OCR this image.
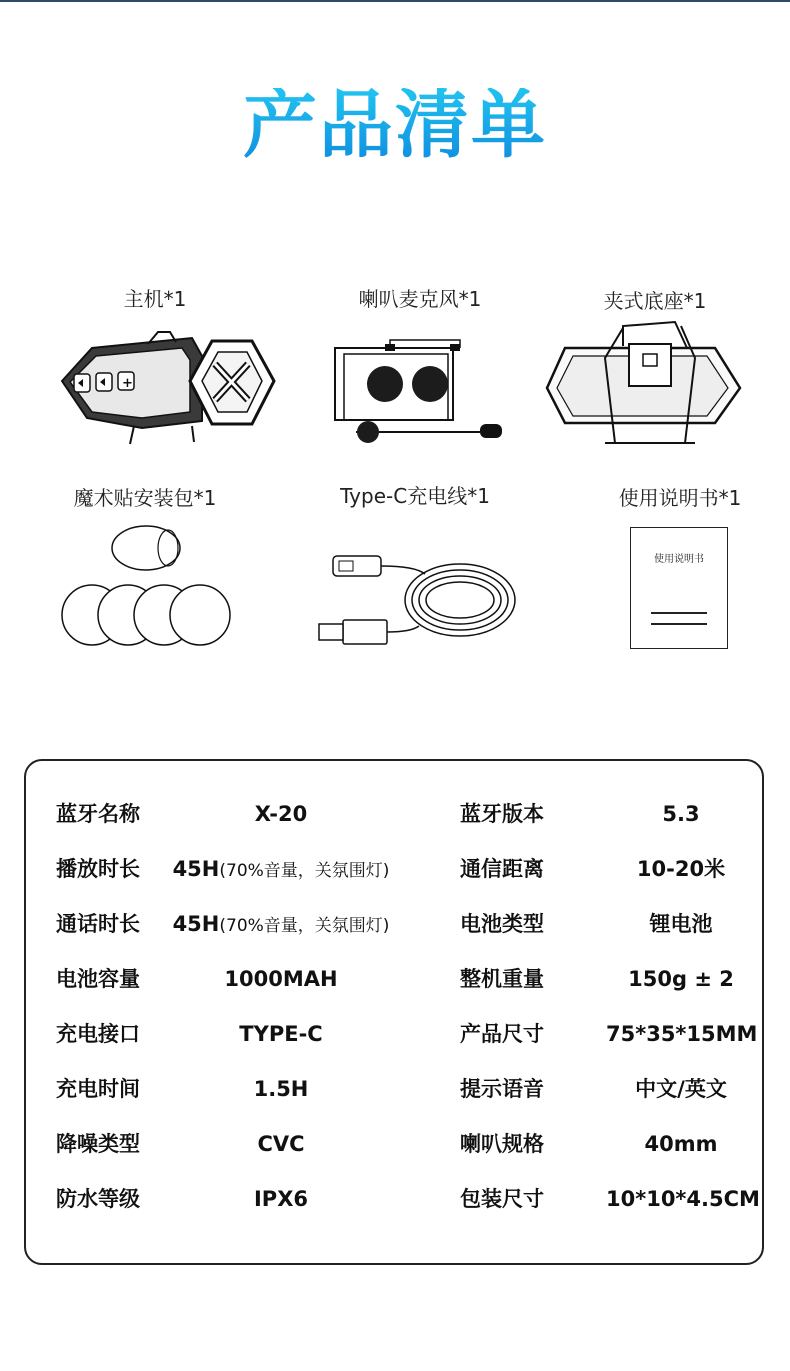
产品清单
主机*1
+
喇叭麦克风*1	夹式底座*1
魔术贴安装包*1	Type-C充电线*1	使用说明书*1
使用说明书
蓝牙名称	X-20	蓝牙版本	5.3
播放时长	45H(70%音量，关氛围灯)	通信距离	10-20米
通话时长	45H(70%音量，关氛围灯)	电池类型	锂电池
电池容量	1000MAH	整机重量	150g ± 2
充电接口	TYPE-C	产品尺寸	75*35*15MM
充电时间	1.5H	提示语音	中文/英文
降噪类型	CVC	喇叭规格	40mm
防水等级	IPX6	包装尺寸	10*10*4.5CM
